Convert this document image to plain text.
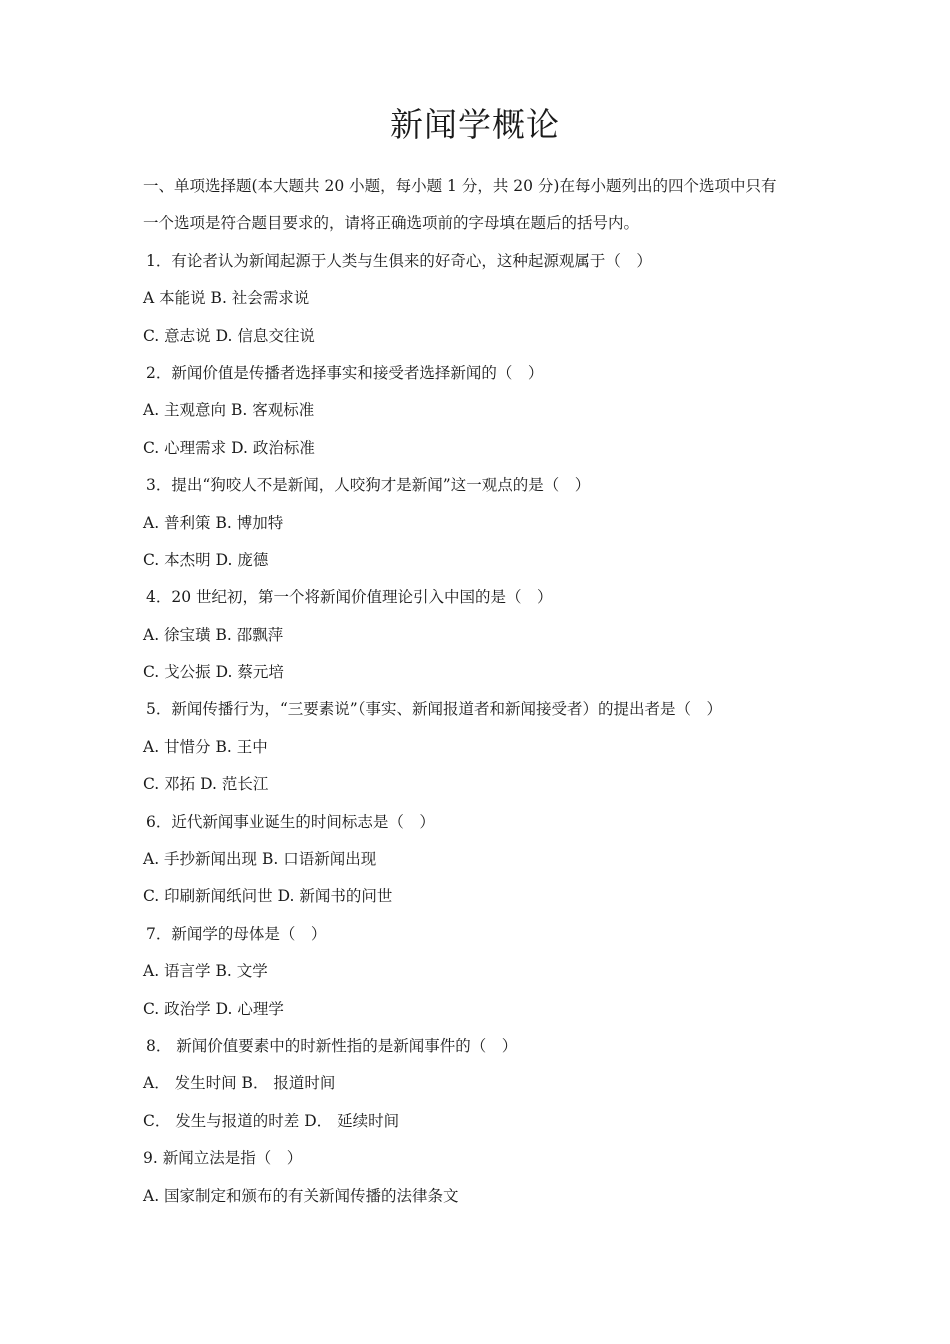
新闻学概论
一、单项选择题(本大题共 20 小题，每小题 1 分，共 20 分)在每小题列出的四个选项中只有
一个选项是符合题目要求的，请将正确选项前的字母填在题后的括号内。
1．有论者认为新闻起源于人类与生俱来的好奇心，这种起源观属于（　）
A 本能说 B. 社会需求说
C. 意志说 D. 信息交往说
2．新闻价值是传播者选择事实和接受者选择新闻的（　）
A. 主观意向 B. 客观标准
C. 心理需求 D. 政治标准
3．提出“狗咬人不是新闻，人咬狗才是新闻”这一观点的是（　）
A. 普利策 B. 博加特
C. 本杰明 D. 庞德
4．20 世纪初，第一个将新闻价值理论引入中国的是（　）
A. 徐宝璜 B. 邵飘萍
C. 戈公振 D. 蔡元培
5．新闻传播行为，“三要素说”（事实、新闻报道者和新闻接受者）的提出者是（　）
A. 甘惜分 B. 王中
C. 邓拓 D. 范长江
6．近代新闻事业诞生的时间标志是（　）
A. 手抄新闻出现 B. 口语新闻出现
C. 印刷新闻纸问世 D. 新闻书的问世
7．新闻学的母体是（　）
A. 语言学 B. 文学
C. 政治学 D. 心理学
8． 新闻价值要素中的时新性指的是新闻事件的（　）
A． 发生时间 B． 报道时间
C． 发生与报道的时差 D． 延续时间
9. 新闻立法是指（　）
A. 国家制定和颁布的有关新闻传播的法律条文
